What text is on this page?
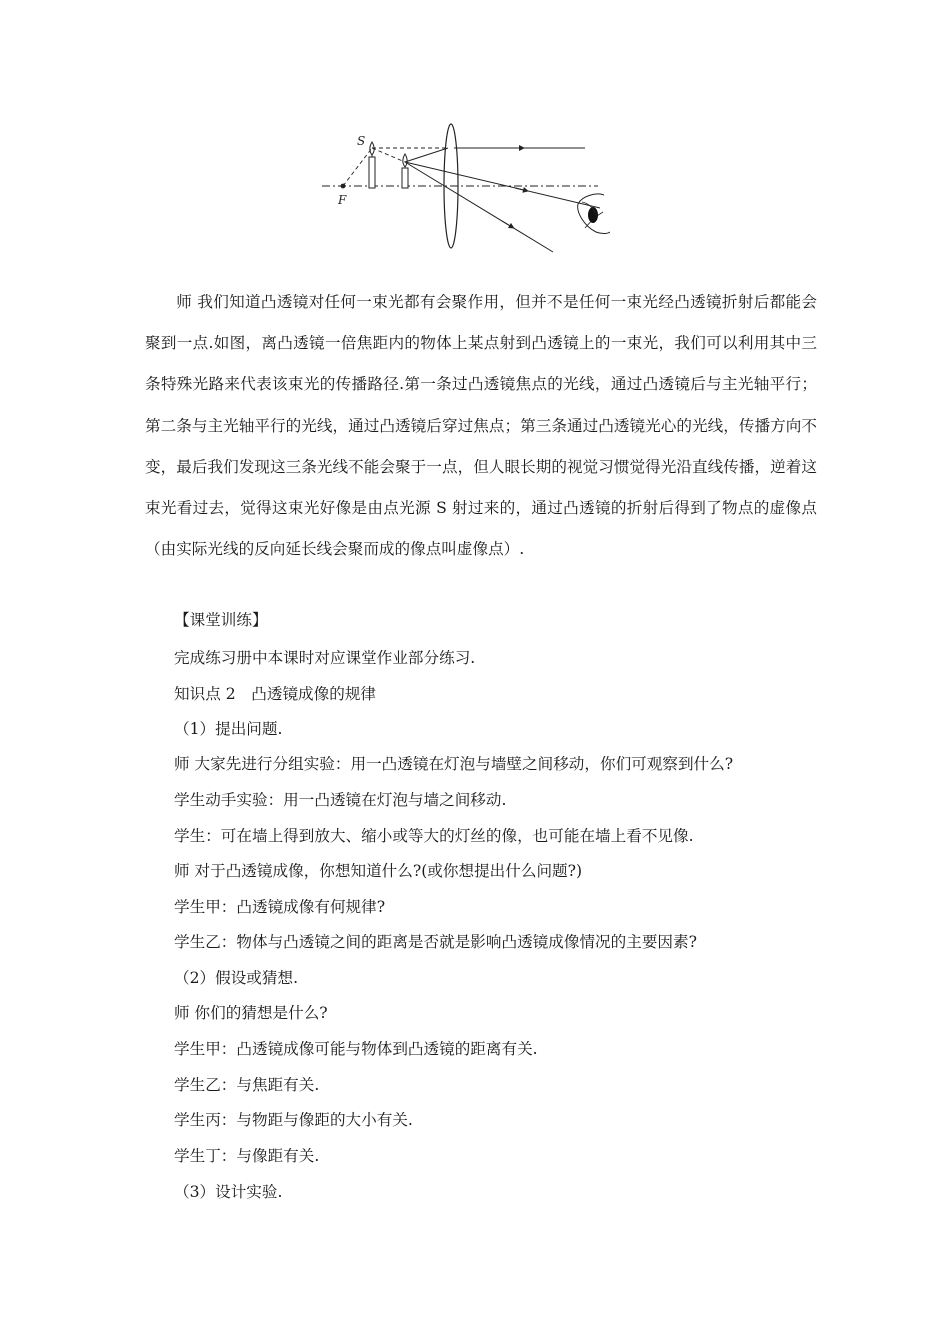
F
S

师 我们知道凸透镜对任何一束光都有会聚作用，但并不是任何一束光经凸透镜折射后都能会聚到一点.如图，离凸透镜一倍焦距内的物体上某点射到凸透镜上的一束光，我们可以利用其中三条特殊光路来代表该束光的传播路径.第一条过凸透镜焦点的光线，通过凸透镜后与主光轴平行；第二条与主光轴平行的光线，通过凸透镜后穿过焦点；第三条通过凸透镜光心的光线，传播方向不变，最后我们发现这三条光线不能会聚于一点，但人眼长期的视觉习惯觉得光沿直线传播，逆着这束光看过去，觉得这束光好像是由点光源 S 射过来的，通过凸透镜的折射后得到了物点的虚像点（由实际光线的反向延长线会聚而成的像点叫虚像点）.

【课堂训练】

完成练习册中本课时对应课堂作业部分练习.

知识点 2　凸透镜成像的规律

（1）提出问题.

师 大家先进行分组实验：用一凸透镜在灯泡与墙壁之间移动，你们可观察到什么?

学生动手实验：用一凸透镜在灯泡与墙之间移动.

学生：可在墙上得到放大、缩小或等大的灯丝的像，也可能在墙上看不见像.

师 对于凸透镜成像，你想知道什么?(或你想提出什么问题?)

学生甲：凸透镜成像有何规律?

学生乙：物体与凸透镜之间的距离是否就是影响凸透镜成像情况的主要因素?

（2）假设或猜想.

师 你们的猜想是什么?

学生甲：凸透镜成像可能与物体到凸透镜的距离有关.

学生乙：与焦距有关.

学生丙：与物距与像距的大小有关.

学生丁：与像距有关.

（3）设计实验.
